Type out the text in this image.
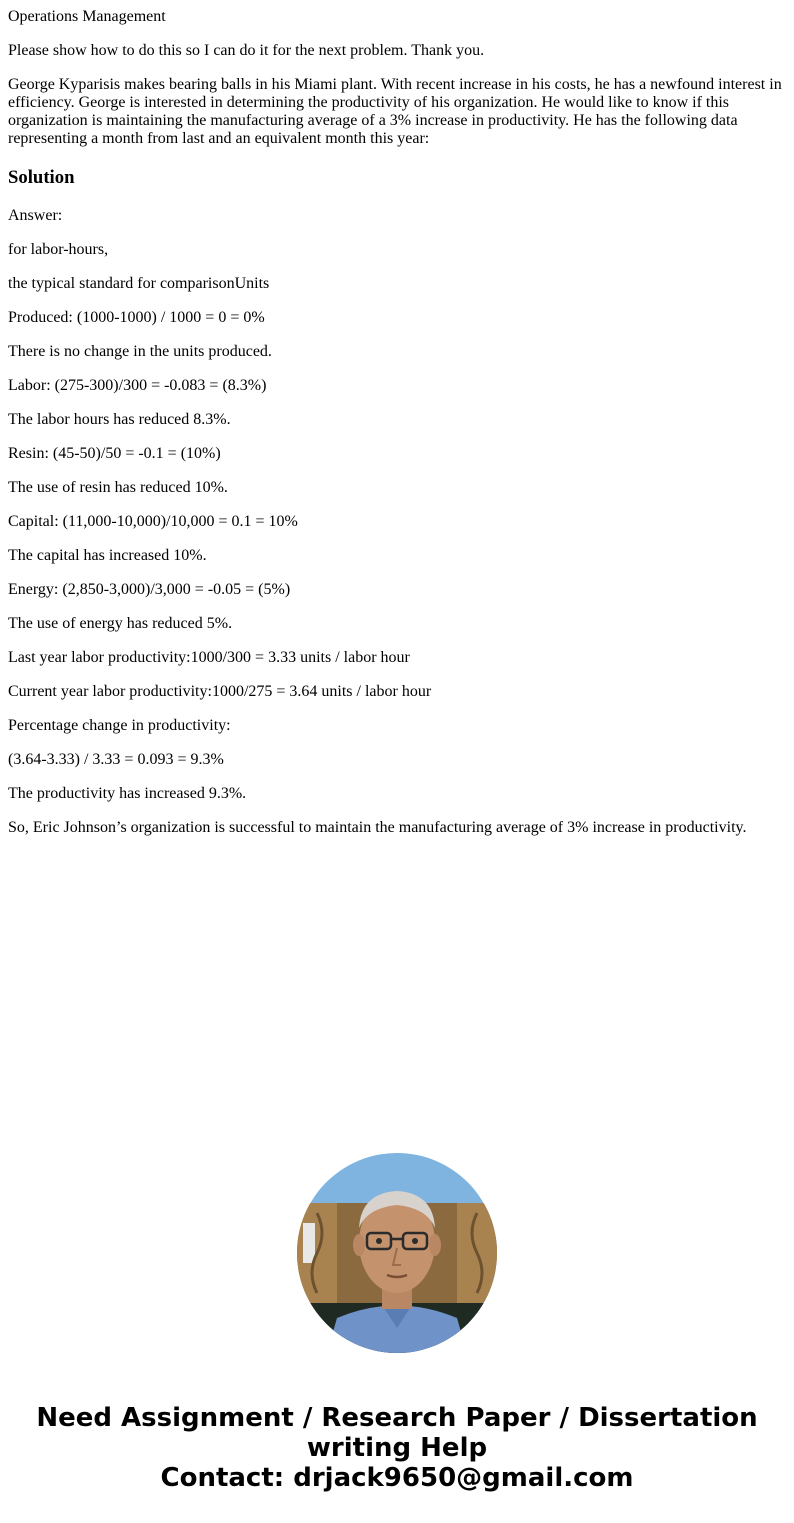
Operations Management

Please show how to do this so I can do it for the next problem. Thank you.

George Kyparisis makes bearing balls in his Miami plant. With recent increase in his costs, he has a newfound interest in efficiency. George is interested in determining the productivity of his organization. He would like to know if this organization is maintaining the manufacturing average of a 3% increase in productivity. He has the following data representing a month from last and an equivalent month this year:

Solution

Answer:

for labor-hours,

the typical standard for comparisonUnits

Produced: (1000-1000) / 1000 = 0 = 0%

There is no change in the units produced.

Labor: (275-300)/300 = -0.083 = (8.3%)

The labor hours has reduced 8.3%.

Resin: (45-50)/50 = -0.1 = (10%)

The use of resin has reduced 10%.

Capital: (11,000-10,000)/10,000 = 0.1 = 10%

The capital has increased 10%.

Energy: (2,850-3,000)/3,000 = -0.05 = (5%)

The use of energy has reduced 5%.

Last year labor productivity:1000/300 = 3.33 units / labor hour

Current year labor productivity:1000/275 = 3.64 units / labor hour

Percentage change in productivity:

(3.64-3.33) / 3.33 = 0.093 = 9.3%

The productivity has increased 9.3%.

So, Eric Johnson’s organization is successful to maintain the manufacturing average of 3% increase in productivity.

Need Assignment / Research Paper / Dissertation
writing Help
Contact: drjack9650@gmail.com
